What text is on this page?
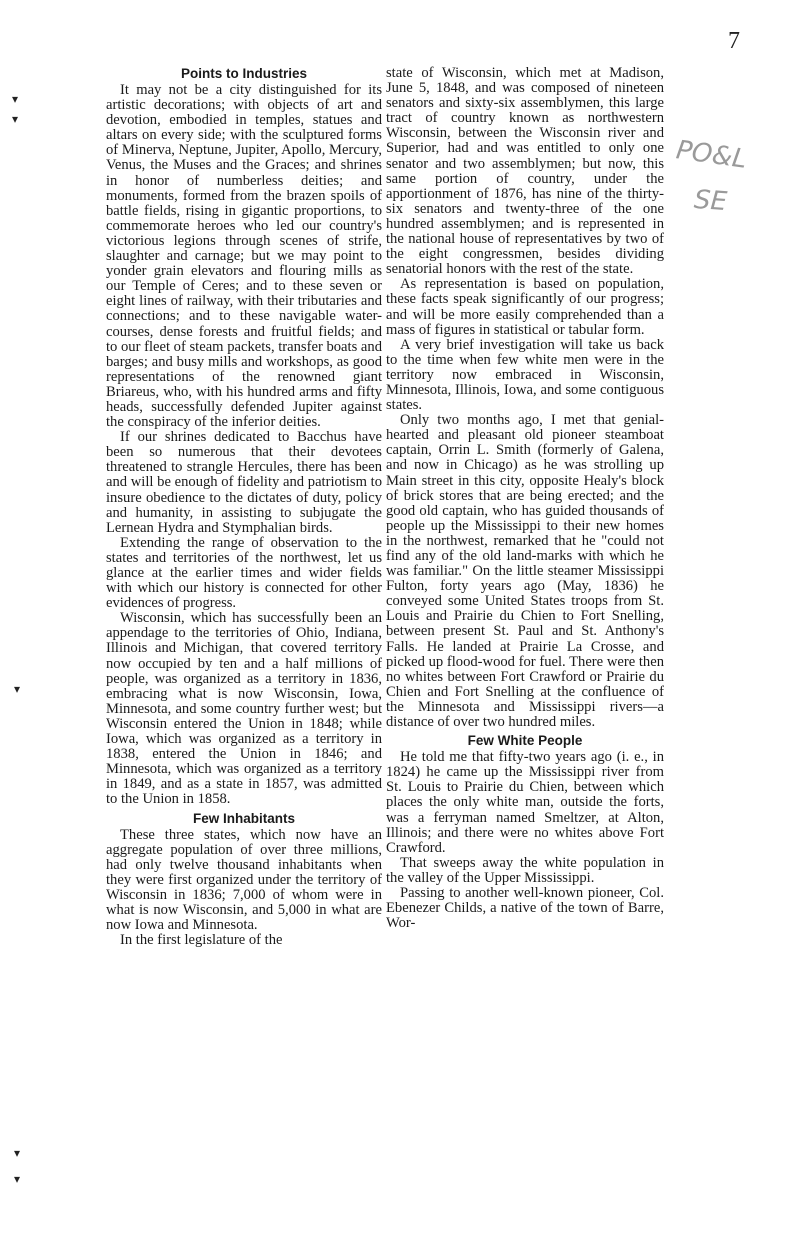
7
PO&L
SE
▾
▾
▾
▾
▾
Points to Industries

It may not be a city distinguished for its artistic decorations; with objects of art and devotion, embodied in temples, statues and altars on every side; with the sculptured forms of Minerva, Neptune, Jupiter, Apollo, Mercury, Venus, the Muses and the Graces; and shrines in honor of numberless deities; and monuments, formed from the brazen spoils of battle fields, rising in gigantic proportions, to commemorate heroes who led our country's victorious legions through scenes of strife, slaughter and carnage; but we may point to yonder grain elevators and flouring mills as our Temple of Ceres; and to these seven or eight lines of railway, with their tributaries and connections; and to these navigable water-courses, dense forests and fruitful fields; and to our fleet of steam packets, transfer boats and barges; and busy mills and workshops, as good representations of the renowned giant Briareus, who, with his hundred arms and fifty heads, successfully defended Jupiter against the conspiracy of the inferior deities.

If our shrines dedicated to Bacchus have been so numerous that their devotees threatened to strangle Hercules, there has been and will be enough of fidelity and patriotism to insure obedience to the dictates of duty, policy and humanity, in assisting to subjugate the Lernean Hydra and Stymphalian birds.

Extending the range of observation to the states and territories of the northwest, let us glance at the earlier times and wider fields with which our history is connected for other evidences of progress.

Wisconsin, which has successfully been an appendage to the territories of Ohio, Indiana, Illinois and Michigan, that covered territory now occupied by ten and a half millions of people, was organized as a territory in 1836, embracing what is now Wisconsin, Iowa, Minnesota, and some country further west; but Wisconsin entered the Union in 1848; while Iowa, which was organized as a territory in 1838, entered the Union in 1846; and Minnesota, which was organized as a territory in 1849, and as a state in 1857, was admitted to the Union in 1858.

Few Inhabitants

These three states, which now have an aggregate population of over three millions, had only twelve thousand inhabitants when they were first organized under the territory of Wisconsin in 1836; 7,000 of whom were in what is now Wisconsin, and 5,000 in what are now Iowa and Minnesota.

In the first legislature of the

state of Wisconsin, which met at Madison, June 5, 1848, and was composed of nineteen senators and sixty-six assemblymen, this large tract of country known as northwestern Wisconsin, between the Wisconsin river and Superior, had and was entitled to only one senator and two assemblymen; but now, this same portion of country, under the apportionment of 1876, has nine of the thirty-six senators and twenty-three of the one hundred assemblymen; and is represented in the national house of representatives by two of the eight congressmen, besides dividing senatorial honors with the rest of the state.

As representation is based on population, these facts speak significantly of our progress; and will be more easily comprehended than a mass of figures in statistical or tabular form.

A very brief investigation will take us back to the time when few white men were in the territory now embraced in Wisconsin, Minnesota, Illinois, Iowa, and some contiguous states.

Only two months ago, I met that genial-hearted and pleasant old pioneer steamboat captain, Orrin L. Smith (formerly of Galena, and now in Chicago) as he was strolling up Main street in this city, opposite Healy's block of brick stores that are being erected; and the good old captain, who has guided thousands of people up the Mississippi to their new homes in the northwest, remarked that he "could not find any of the old land-marks with which he was familiar." On the little steamer Mississippi Fulton, forty years ago (May, 1836) he conveyed some United States troops from St. Louis and Prairie du Chien to Fort Snelling, between present St. Paul and St. Anthony's Falls. He landed at Prairie La Crosse, and picked up flood-wood for fuel. There were then no whites between Fort Crawford or Prairie du Chien and Fort Snelling at the confluence of the Minnesota and Mississippi rivers—a distance of over two hundred miles.

Few White People

He told me that fifty-two years ago (i. e., in 1824) he came up the Mississippi river from St. Louis to Prairie du Chien, between which places the only white man, outside the forts, was a ferryman named Smeltzer, at Alton, Illinois; and there were no whites above Fort Crawford.

That sweeps away the white population in the valley of the Upper Mississippi.

Passing to another well-known pioneer, Col. Ebenezer Childs, a native of the town of Barre, Wor-
